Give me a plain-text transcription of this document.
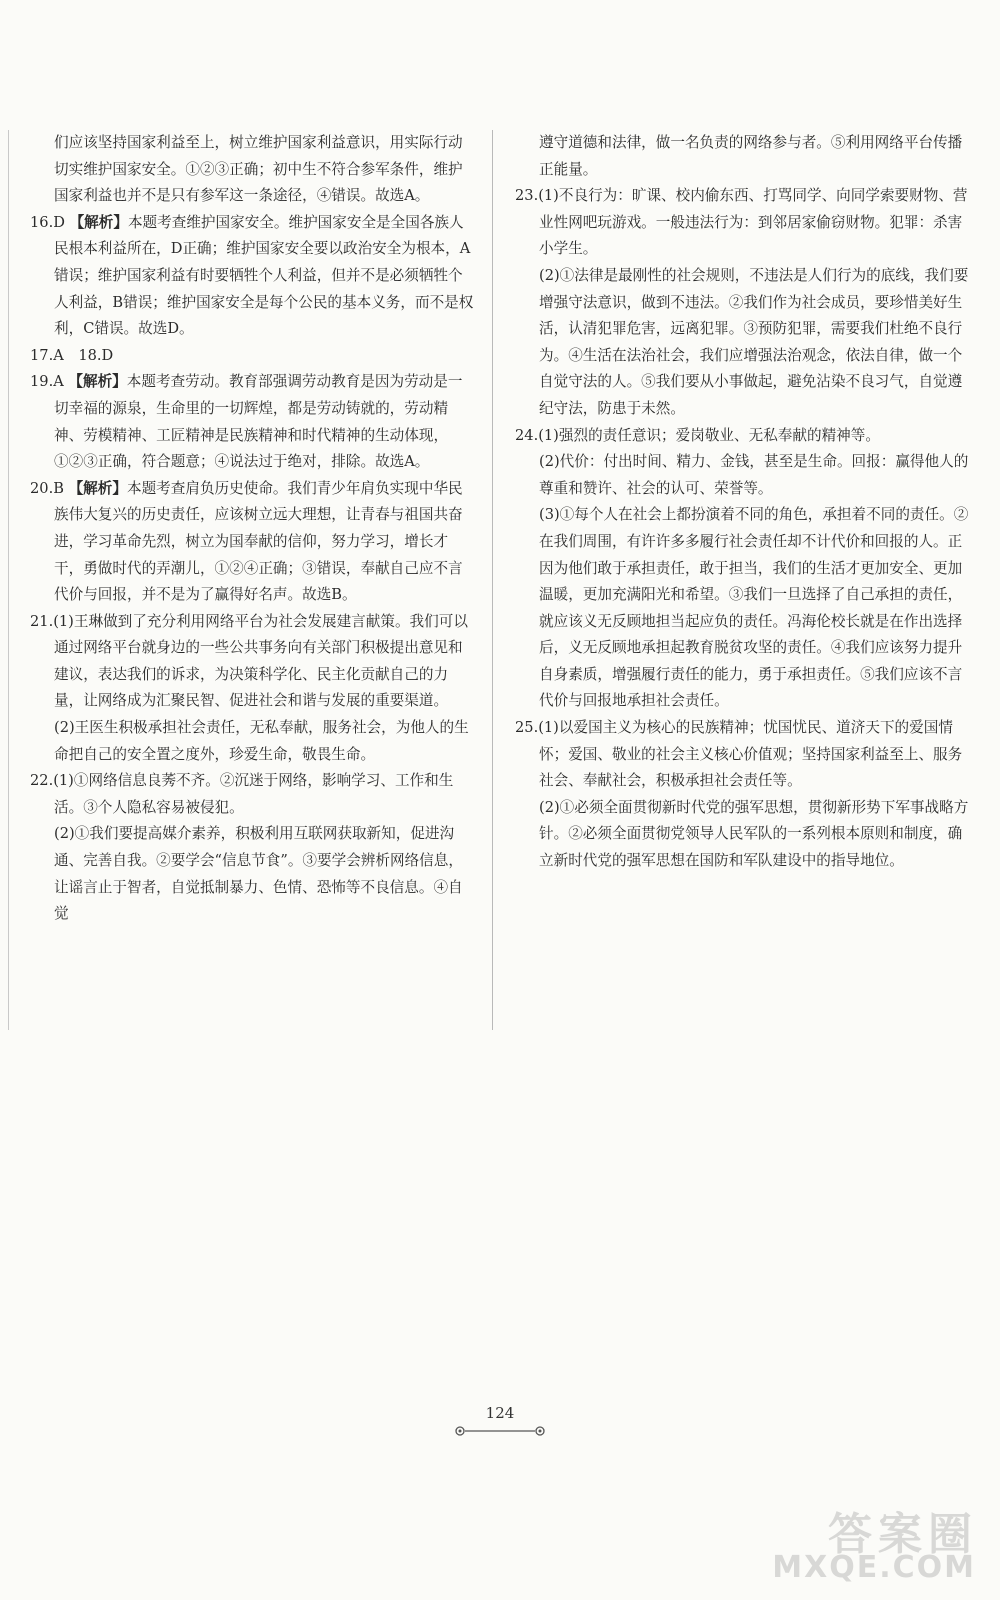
们应该坚持国家利益至上，树立维护国家利益意识，用实际行动切实维护国家安全。①②③正确；初中生不符合参军条件，维护国家利益也并不是只有参军这一条途径，④错误。故选A。
16.D 【解析】本题考查维护国家安全。维护国家安全是全国各族人民根本利益所在，D正确；维护国家安全要以政治安全为根本，A错误；维护国家利益有时要牺牲个人利益，但并不是必须牺牲个人利益，B错误；维护国家安全是每个公民的基本义务，而不是权利，C错误。故选D。
17.A　18.D
19.A 【解析】本题考查劳动。教育部强调劳动教育是因为劳动是一切幸福的源泉，生命里的一切辉煌，都是劳动铸就的，劳动精神、劳模精神、工匠精神是民族精神和时代精神的生动体现，①②③正确，符合题意；④说法过于绝对，排除。故选A。
20.B 【解析】本题考查肩负历史使命。我们青少年肩负实现中华民族伟大复兴的历史责任，应该树立远大理想，让青春与祖国共奋进，学习革命先烈，树立为国奉献的信仰，努力学习，增长才干，勇做时代的弄潮儿，①②④正确；③错误，奉献自己应不言代价与回报，并不是为了赢得好名声。故选B。
21.(1)王琳做到了充分利用网络平台为社会发展建言献策。我们可以通过网络平台就身边的一些公共事务向有关部门积极提出意见和建议，表达我们的诉求，为决策科学化、民主化贡献自己的力量，让网络成为汇聚民智、促进社会和谐与发展的重要渠道。
(2)王医生积极承担社会责任，无私奉献，服务社会，为他人的生命把自己的安全置之度外，珍爱生命，敬畏生命。
22.(1)①网络信息良莠不齐。②沉迷于网络，影响学习、工作和生活。③个人隐私容易被侵犯。
(2)①我们要提高媒介素养，积极利用互联网获取新知，促进沟通、完善自我。②要学会“信息节食”。③要学会辨析网络信息，让谣言止于智者，自觉抵制暴力、色情、恐怖等不良信息。④自觉
遵守道德和法律，做一名负责的网络参与者。⑤利用网络平台传播正能量。
23.(1)不良行为：旷课、校内偷东西、打骂同学、向同学索要财物、营业性网吧玩游戏。一般违法行为：到邻居家偷窃财物。犯罪：杀害小学生。
(2)①法律是最刚性的社会规则，不违法是人们行为的底线，我们要增强守法意识，做到不违法。②我们作为社会成员，要珍惜美好生活，认清犯罪危害，远离犯罪。③预防犯罪，需要我们杜绝不良行为。④生活在法治社会，我们应增强法治观念，依法自律，做一个自觉守法的人。⑤我们要从小事做起，避免沾染不良习气，自觉遵纪守法，防患于未然。
24.(1)强烈的责任意识；爱岗敬业、无私奉献的精神等。
(2)代价：付出时间、精力、金钱，甚至是生命。回报：赢得他人的尊重和赞许、社会的认可、荣誉等。
(3)①每个人在社会上都扮演着不同的角色，承担着不同的责任。②在我们周围，有许许多多履行社会责任却不计代价和回报的人。正因为他们敢于承担责任，敢于担当，我们的生活才更加安全、更加温暖，更加充满阳光和希望。③我们一旦选择了自己承担的责任，就应该义无反顾地担当起应负的责任。冯海伦校长就是在作出选择后，义无反顾地承担起教育脱贫攻坚的责任。④我们应该努力提升自身素质，增强履行责任的能力，勇于承担责任。⑤我们应该不言代价与回报地承担社会责任。
25.(1)以爱国主义为核心的民族精神；忧国忧民、道济天下的爱国情怀；爱国、敬业的社会主义核心价值观；坚持国家利益至上、服务社会、奉献社会，积极承担社会责任等。
(2)①必须全面贯彻新时代党的强军思想，贯彻新形势下军事战略方针。②必须全面贯彻党领导人民军队的一系列根本原则和制度，确立新时代党的强军思想在国防和军队建设中的指导地位。
124
答案圈
MXQE.COM
